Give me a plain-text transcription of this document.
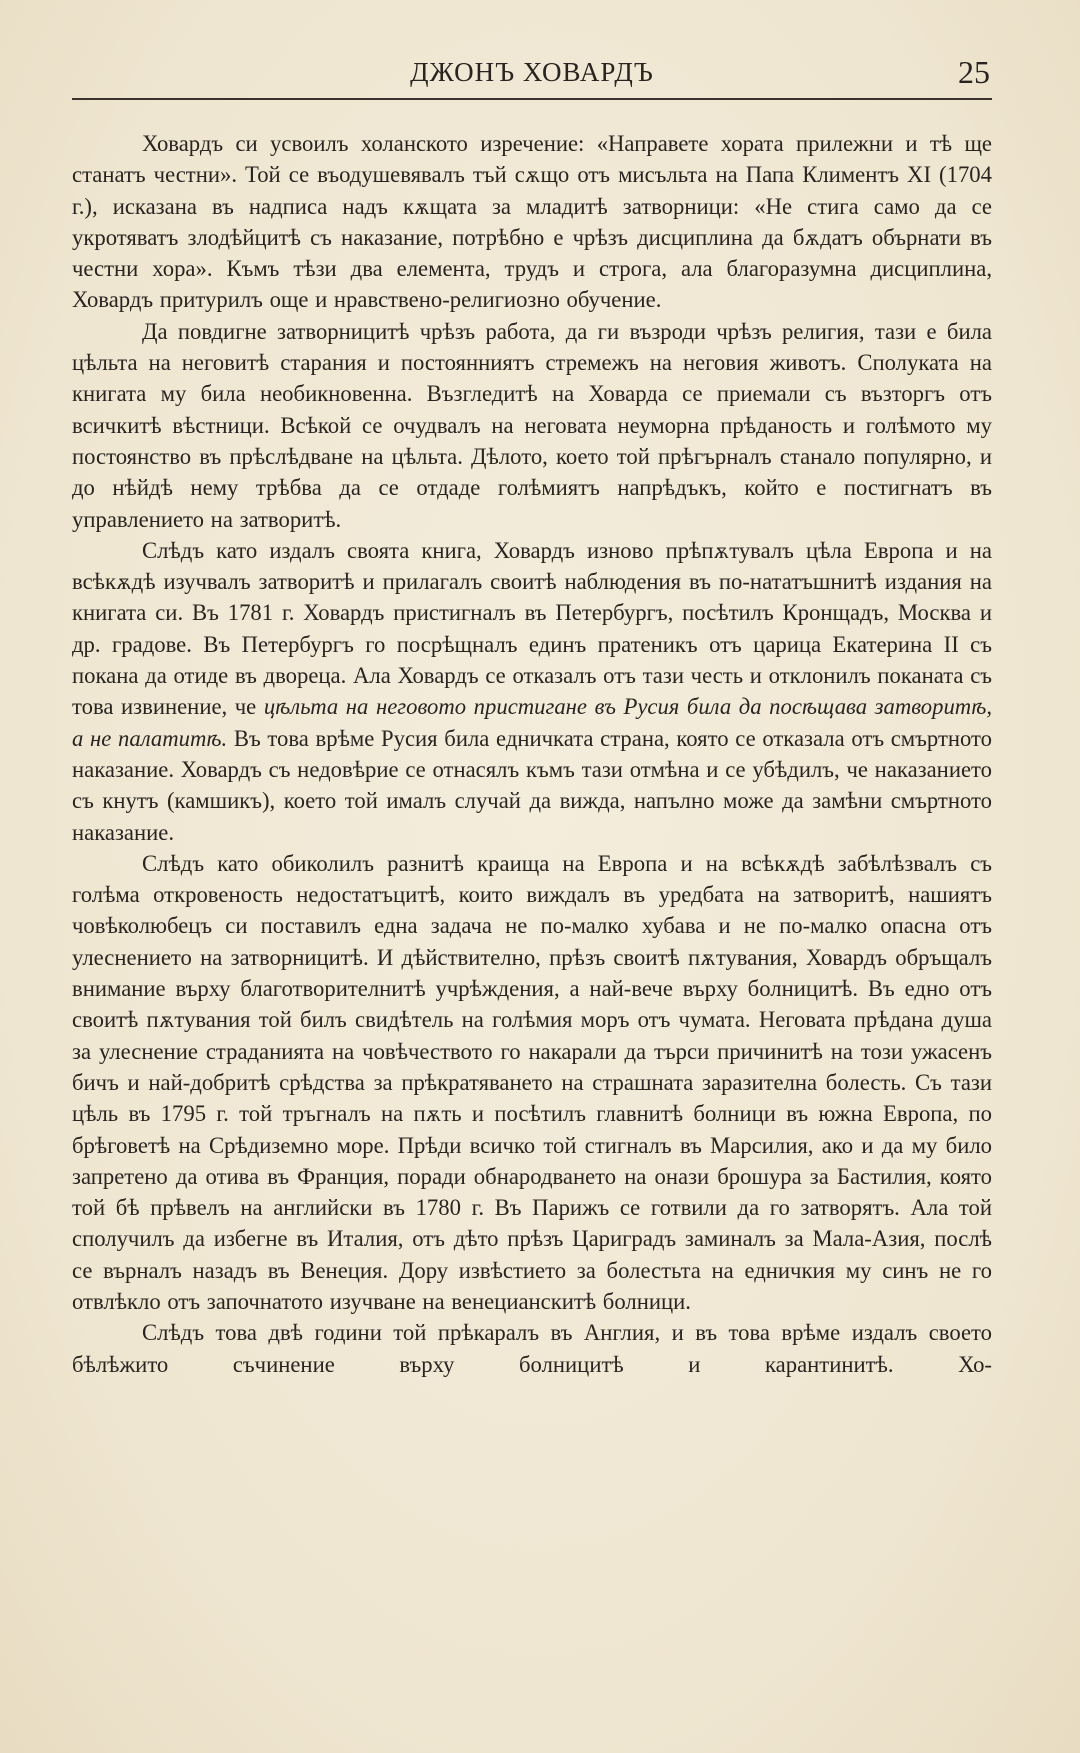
ДЖОНЪ ХОВАРДЪ	25

Ховардъ си усвоилъ холанското изречение: «Направете хората прилежни и тѣ ще станатъ честни». Той се въодушевявалъ тъй сѫщо отъ мисъльта на Папа Климентъ XI (1704 г.), исказана въ надписа надъ кѫщата за младитѣ затворници: «Не стига само да се укротяватъ злодѣйцитѣ съ наказание, потрѣбно е чрѣзъ дисциплина да бѫдатъ обърнати въ честни хора». Къмъ тѣзи два елемента, трудъ и строга, ала благоразумна дисциплина, Ховардъ притурилъ още и нравствено-религиозно обучение.

Да повдигне затворницитѣ чрѣзъ работа, да ги възроди чрѣзъ религия, тази е била цѣльта на неговитѣ старания и постоянниятъ стремежъ на неговия животъ. Сполуката на книгата му била необикновенна. Възгледитѣ на Ховарда се приемали съ възторгъ отъ всичкитѣ вѣстници. Всѣкой се очудвалъ на неговата неуморна прѣданость и голѣмото му постоянство въ прѣслѣдване на цѣльта. Дѣлото, което той прѣгърналъ станало популярно, и до нѣйдѣ нему трѣбва да се отдаде голѣмиятъ напрѣдъкъ, който е постигнатъ въ управлението на затворитѣ.

Слѣдъ като издалъ своята книга, Ховардъ изново прѣпѫтувалъ цѣла Европа и на всѣкѫдѣ изучвалъ затворитѣ и прилагалъ своитѣ наблюдения въ по-нататъшнитѣ издания на книгата си. Въ 1781 г. Ховардъ пристигналъ въ Петербургъ, посѣтилъ Кронщадъ, Москва и др. градове. Въ Петербургъ го посрѣщналъ единъ пратеникъ отъ царица Екатерина II съ покана да отиде въ двореца. Ала Ховардъ се отказалъ отъ тази честь и отклонилъ поканата съ това извинение, че цѣльта на неговото пристигане въ Русия била да посѣщава затворитѣ, а не палатитѣ. Въ това врѣме Русия била едничката страна, която се отказала отъ смъртното наказание. Ховардъ съ недовѣрие се отнасялъ къмъ тази отмѣна и се убѣдилъ, че наказанието съ кнутъ (камшикъ), което той ималъ случай да вижда, напълно може да замѣни смъртното наказание.

Слѣдъ като обиколилъ разнитѣ краища на Европа и на всѣкѫдѣ забѣлѣзвалъ съ голѣма откровеность недостатъцитѣ, които виждалъ въ уредбата на затворитѣ, нашиятъ човѣколюбецъ си поставилъ една задача не по-малко хубава и не по-малко опасна отъ улеснението на затворницитѣ. И дѣйствително, прѣзъ своитѣ пѫтувания, Ховардъ обръщалъ внимание върху благотворителнитѣ учрѣждения, а най-вече върху болницитѣ. Въ едно отъ своитѣ пѫтувания той билъ свидѣтель на голѣмия моръ отъ чумата. Неговата прѣдана душа за улеснение страданията на човѣчеството го накарали да търси причинитѣ на този ужасенъ бичъ и най-добритѣ срѣдства за прѣкратяването на страшната заразителна болесть. Съ тази цѣль въ 1795 г. той тръгналъ на пѫть и посѣтилъ главнитѣ болници въ южна Европа, по брѣговетѣ на Срѣдиземно море. Прѣди всичко той стигналъ въ Марсилия, ако и да му било запретено да отива въ Франция, поради обнародването на онази брошура за Бастилия, която той бѣ прѣвелъ на английски въ 1780 г. Въ Парижъ се готвили да го затворятъ. Ала той сполучилъ да избегне въ Италия, отъ дѣто прѣзъ Цариградъ заминалъ за Мала-Азия, послѣ се върналъ назадъ въ Венеция. Дору извѣстието за болестьта на едничкия му синъ не го отвлѣкло отъ започнатото изучване на венецианскитѣ болници.

Слѣдъ това двѣ години той прѣкаралъ въ Англия, и въ това врѣме издалъ своето бѣлѣжито съчинение върху болницитѣ и карантинитѣ. Хо-
